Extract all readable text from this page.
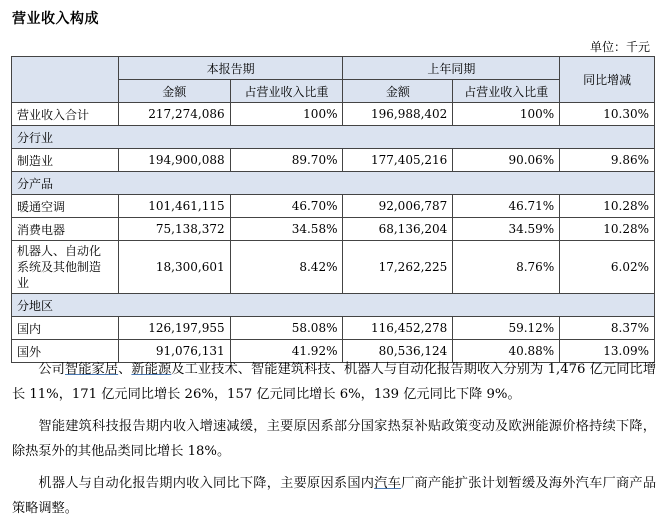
营业收入构成
单位：千元
	本报告期		上年同期		同比增减
	金额	占营业收入比重	金额	占营业收入比重	
营业收入合计	217,274,086	100%	196,988,402	100%	10.30%
分行业					
制造业	194,900,088	89.70%	177,405,216	90.06%	9.86%
分产品					
暖通空调	101,461,115	46.70%	92,006,787	46.71%	10.28%
消费电器	75,138,372	34.58%	68,136,204	34.59%	10.28%
机器人、自动化系统及其他制造业	18,300,601	8.42%	17,262,225	8.76%	6.02%
分地区					
国内	126,197,955	58.08%	116,452,278	59.12%	8.37%
国外	91,076,131	41.92%	80,536,124	40.88%	13.09%

公司智能家居、新能源及工业技术、智能建筑科技、机器人与自动化报告期收入分别为 1,476 亿元同比增长 11%，171 亿元同比增长 26%，157 亿元同比增长 6%，139 亿元同比下降 9%。

智能建筑科技报告期内收入增速减缓，主要原因系部分国家热泵补贴政策变动及欧洲能源价格持续下降，除热泵外的其他品类同比增长 18%。

机器人与自动化报告期内收入同比下降，主要原因系国内汽车厂商产能扩张计划暂缓及海外汽车厂商产品策略调整。
